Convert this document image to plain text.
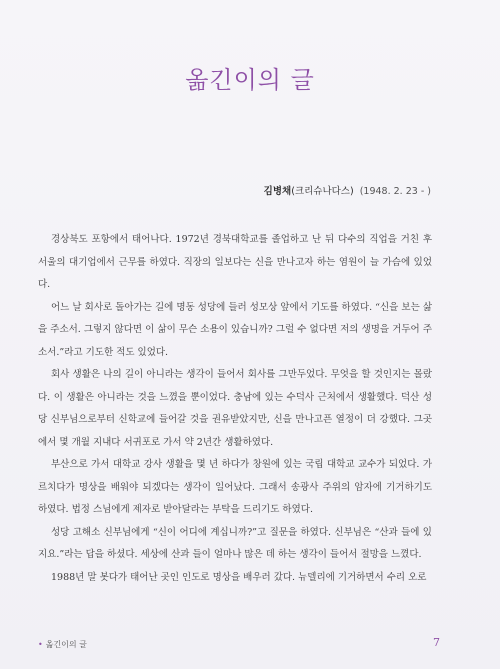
옮긴이의 글
김병채(크리슈나다스) (1948. 2. 23 - )

경상북도 포항에서 태어나다. 1972년 경북대학교를 졸업하고 난 뒤 다수의 직업을 거친 후 서울의 대기업에서 근무를 하였다. 직장의 일보다는 신을 만나고자 하는 염원이 늘 가슴에 있었다.

어느 날 회사로 돌아가는 길에 명동 성당에 들러 성모상 앞에서 기도를 하였다. “신을 보는 삶을 주소서. 그렇지 않다면 이 삶이 무슨 소용이 있습니까? 그럴 수 없다면 저의 생명을 거두어 주소서.”라고 기도한 적도 있었다.

회사 생활은 나의 길이 아니라는 생각이 들어서 회사를 그만두었다. 무엇을 할 것인지는 몰랐다. 이 생활은 아니라는 것을 느꼈을 뿐이었다. 충남에 있는 수덕사 근처에서 생활했다. 덕산 성당 신부님으로부터 신학교에 들어갈 것을 권유받았지만, 신을 만나고픈 열정이 더 강했다. 그곳에서 몇 개월 지내다 서귀포로 가서 약 2년간 생활하였다.

부산으로 가서 대학교 강사 생활을 몇 년 하다가 창원에 있는 국립 대학교 교수가 되었다. 가르치다가 명상을 배워야 되겠다는 생각이 일어났다. 그래서 송광사 주위의 암자에 기거하기도 하였다. 법정 스님에게 제자로 받아달라는 부탁을 드리기도 하였다.

성당 고해소 신부님에게 “신이 어디에 계십니까?”고 질문을 하였다. 신부님은 “산과 들에 있지요.”라는 답을 하셨다. 세상에 산과 들이 얼마나 많은 데 하는 생각이 들어서 절망을 느꼈다.

1988년 말 봇다가 태어난 곳인 인도로 명상을 배우러 갔다. 뉴델리에 기거하면서 수리 오로

• 옮긴이의 글	7
